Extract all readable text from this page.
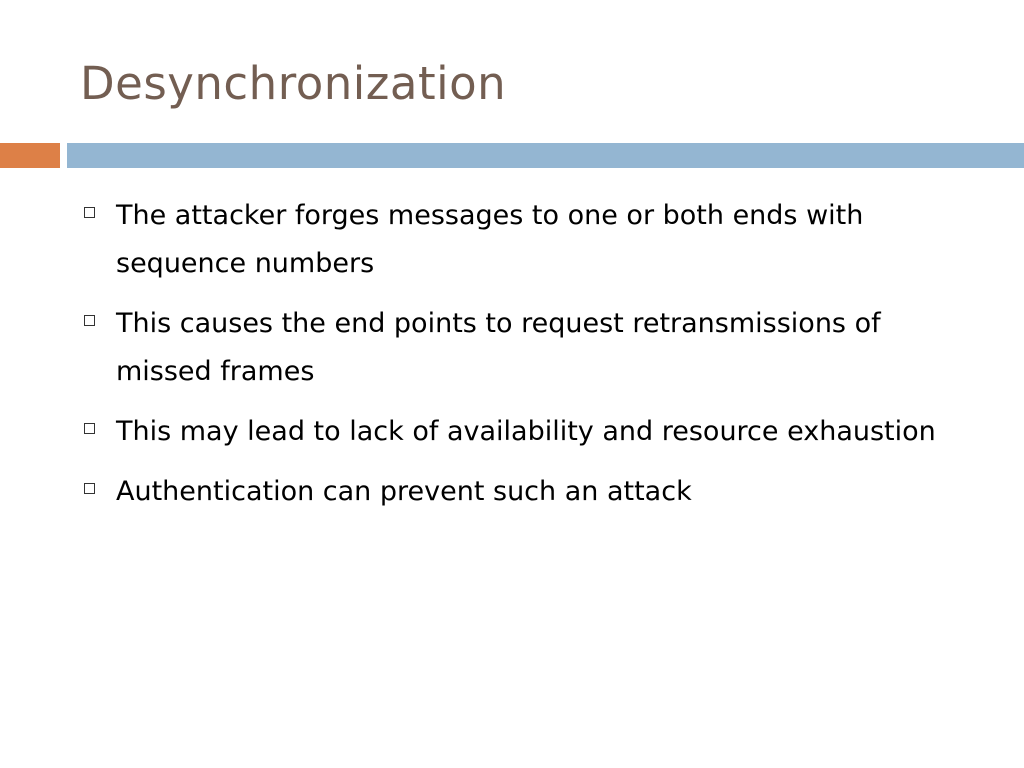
Desynchronization
The attacker forges messages to one or both ends with sequence numbers
This causes the end points to request retransmissions of missed frames
This may lead to lack of availability and resource exhaustion
Authentication can prevent such an attack
